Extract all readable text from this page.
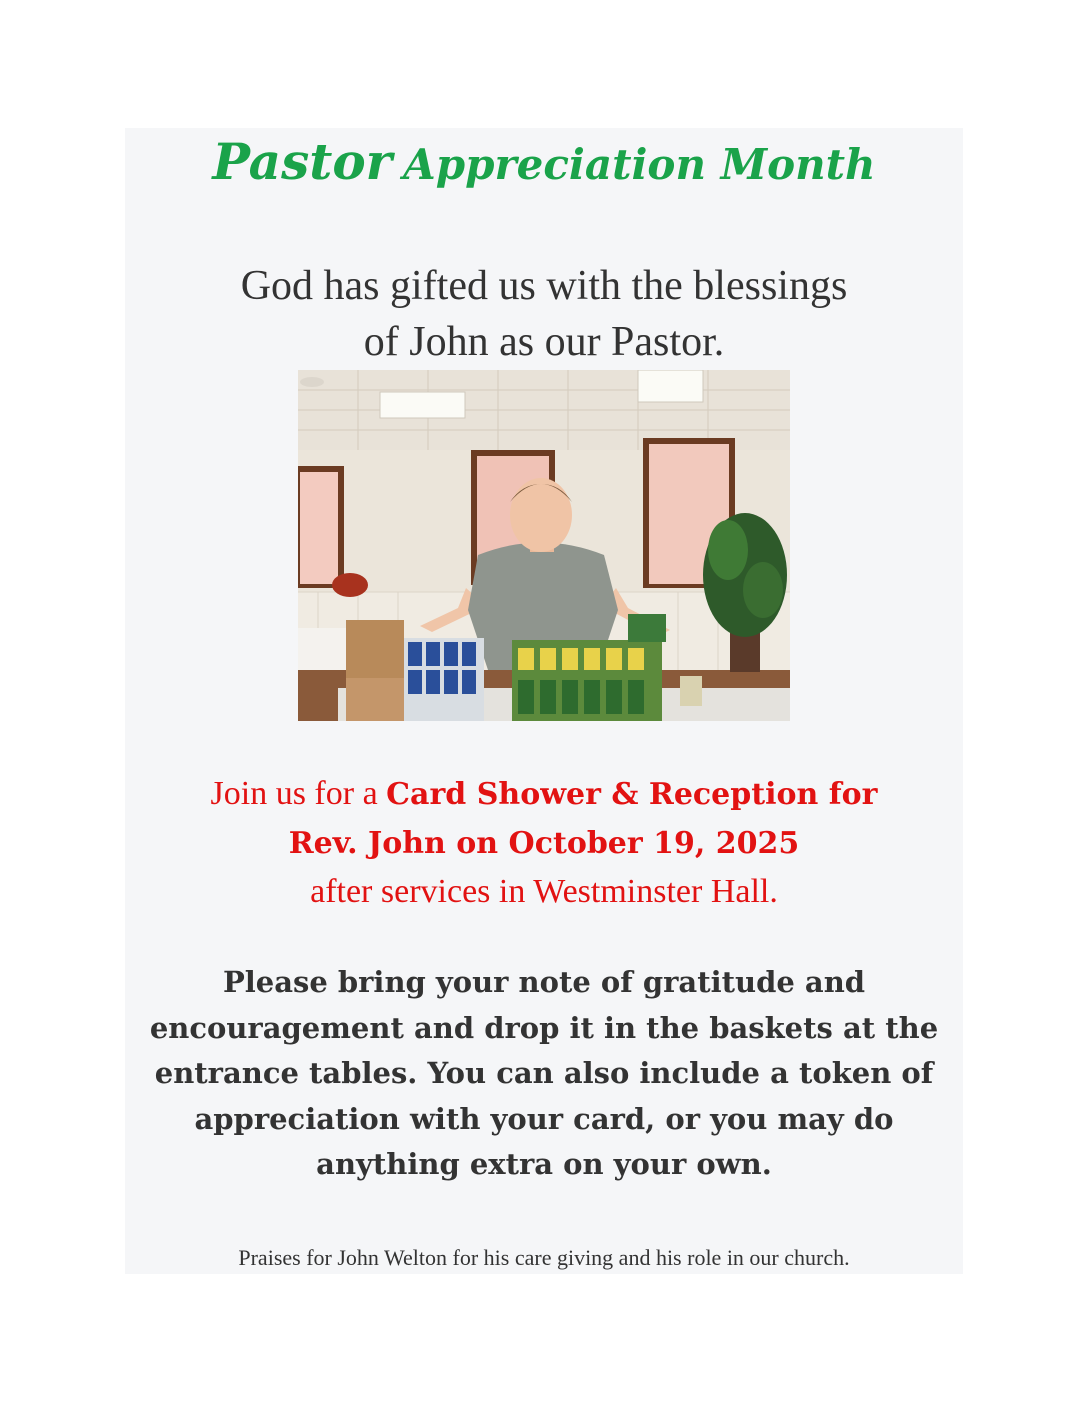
Pastor Appreciation Month

God has gifted us with the blessings
of John as our Pastor.

Join us for a Card Shower & Reception for
Rev. John on October 19, 2025
after services in Westminster Hall.
Please bring your note of gratitude and
encouragement and drop it in the baskets at the
entrance tables. You can also include a token of
appreciation with your card, or you may do
anything extra on your own.
Praises for John Welton for his care giving and his role in our church.
